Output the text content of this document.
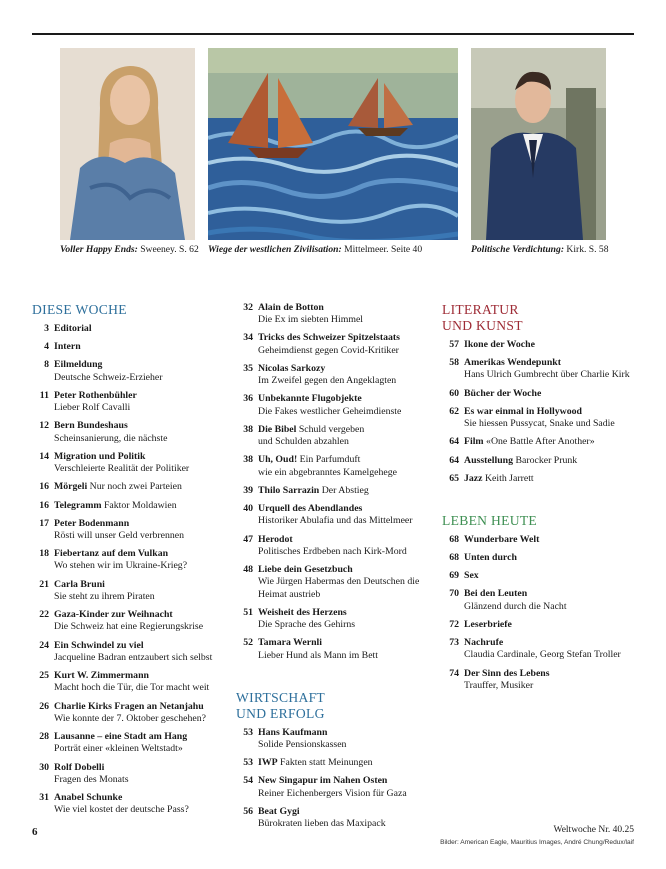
Voller Happy Ends: Sweeney. S. 62 Wiege der westlichen Zivilisation: Mittelmeer. Seite 40	Politische Verdichtung: Kirk. S. 58
DIESE WOCHE
3 Editorial
4 Intern
8 Eilmeldung
Deutsche Schweiz-Erzieher
11 Peter Rothenbühler
Lieber Rolf Cavalli
12 Bern Bundeshaus
Scheinsanierung, die nächste
14 Migration und Politik
Verschleierte Realität der Politiker
16 Mörgeli Nur noch zwei Parteien
16 Telegramm Faktor Moldawien
17 Peter Bodenmann
Rösti will unser Geld verbrennen
18 Fiebertanz auf dem Vulkan
Wo stehen wir im Ukraine-Krieg?
21 Carla Bruni
Sie steht zu ihrem Piraten
22 Gaza-Kinder zur Weihnacht
Die Schweiz hat eine Regierungskrise
24 Ein Schwindel zu viel
Jacqueline Badran entzaubert sich selbst
25 Kurt W. Zimmermann
Macht hoch die Tür, die Tor macht weit
26 Charlie Kirks Fragen an Netanjahu
Wie konnte der 7. Oktober geschehen?
28 Lausanne – eine Stadt am Hang
Porträt einer «kleinen Weltstadt»
30 Rolf Dobelli
Fragen des Monats
31 Anabel Schunke
Wie viel kostet der deutsche Pass?
32 Alain de Botton
Die Ex im siebten Himmel
34 Tricks des Schweizer Spitzelstaats
Geheimdienst gegen Covid-Kritiker
35 Nicolas Sarkozy
Im Zweifel gegen den Angeklagten
36 Unbekannte Flugobjekte
Die Fakes westlicher Geheimdienste
38 Die Bibel Schuld vergeben
und Schulden abzahlen
38 Uh, Oud! Ein Parfumduft
wie ein abgebranntes Kamelgehege
39 Thilo Sarrazin Der Abstieg
40 Urquell des Abendlandes
Historiker Abulafia und das Mittelmeer
47 Herodot
Politisches Erdbeben nach Kirk-Mord
48 Liebe dein Gesetzbuch
Wie Jürgen Habermas den Deutschen die Heimat austrieb
51 Weisheit des Herzens
Die Sprache des Gehirns
52 Tamara Wernli
Lieber Hund als Mann im Bett
WIRTSCHAFT
UND ERFOLG
53 Hans Kaufmann
Solide Pensionskassen
53 IWP Fakten statt Meinungen
54 New Singapur im Nahen Osten
Reiner Eichenbergers Vision für Gaza
56 Beat Gygi
Bürokraten lieben das Maxipack
LITERATUR
UND KUNST
57 Ikone der Woche
58 Amerikas Wendepunkt
Hans Ulrich Gumbrecht über Charlie Kirk
60 Bücher der Woche
62 Es war einmal in Hollywood
Sie hiessen Pussycat, Snake und Sadie
64 Film «One Battle After Another»
64 Ausstellung Barocker Prunk
65 Jazz Keith Jarrett
LEBEN HEUTE
68 Wunderbare Welt
68 Unten durch
69 Sex
70 Bei den Leuten
Glänzend durch die Nacht
72 Leserbriefe
73 Nachrufe
Claudia Cardinale, Georg Stefan Troller
74 Der Sinn des Lebens
Trauffer, Musiker
6	Weltwoche Nr. 40.25
Bilder: American Eagle, Mauritius Images, André Chung/Redux/laif
